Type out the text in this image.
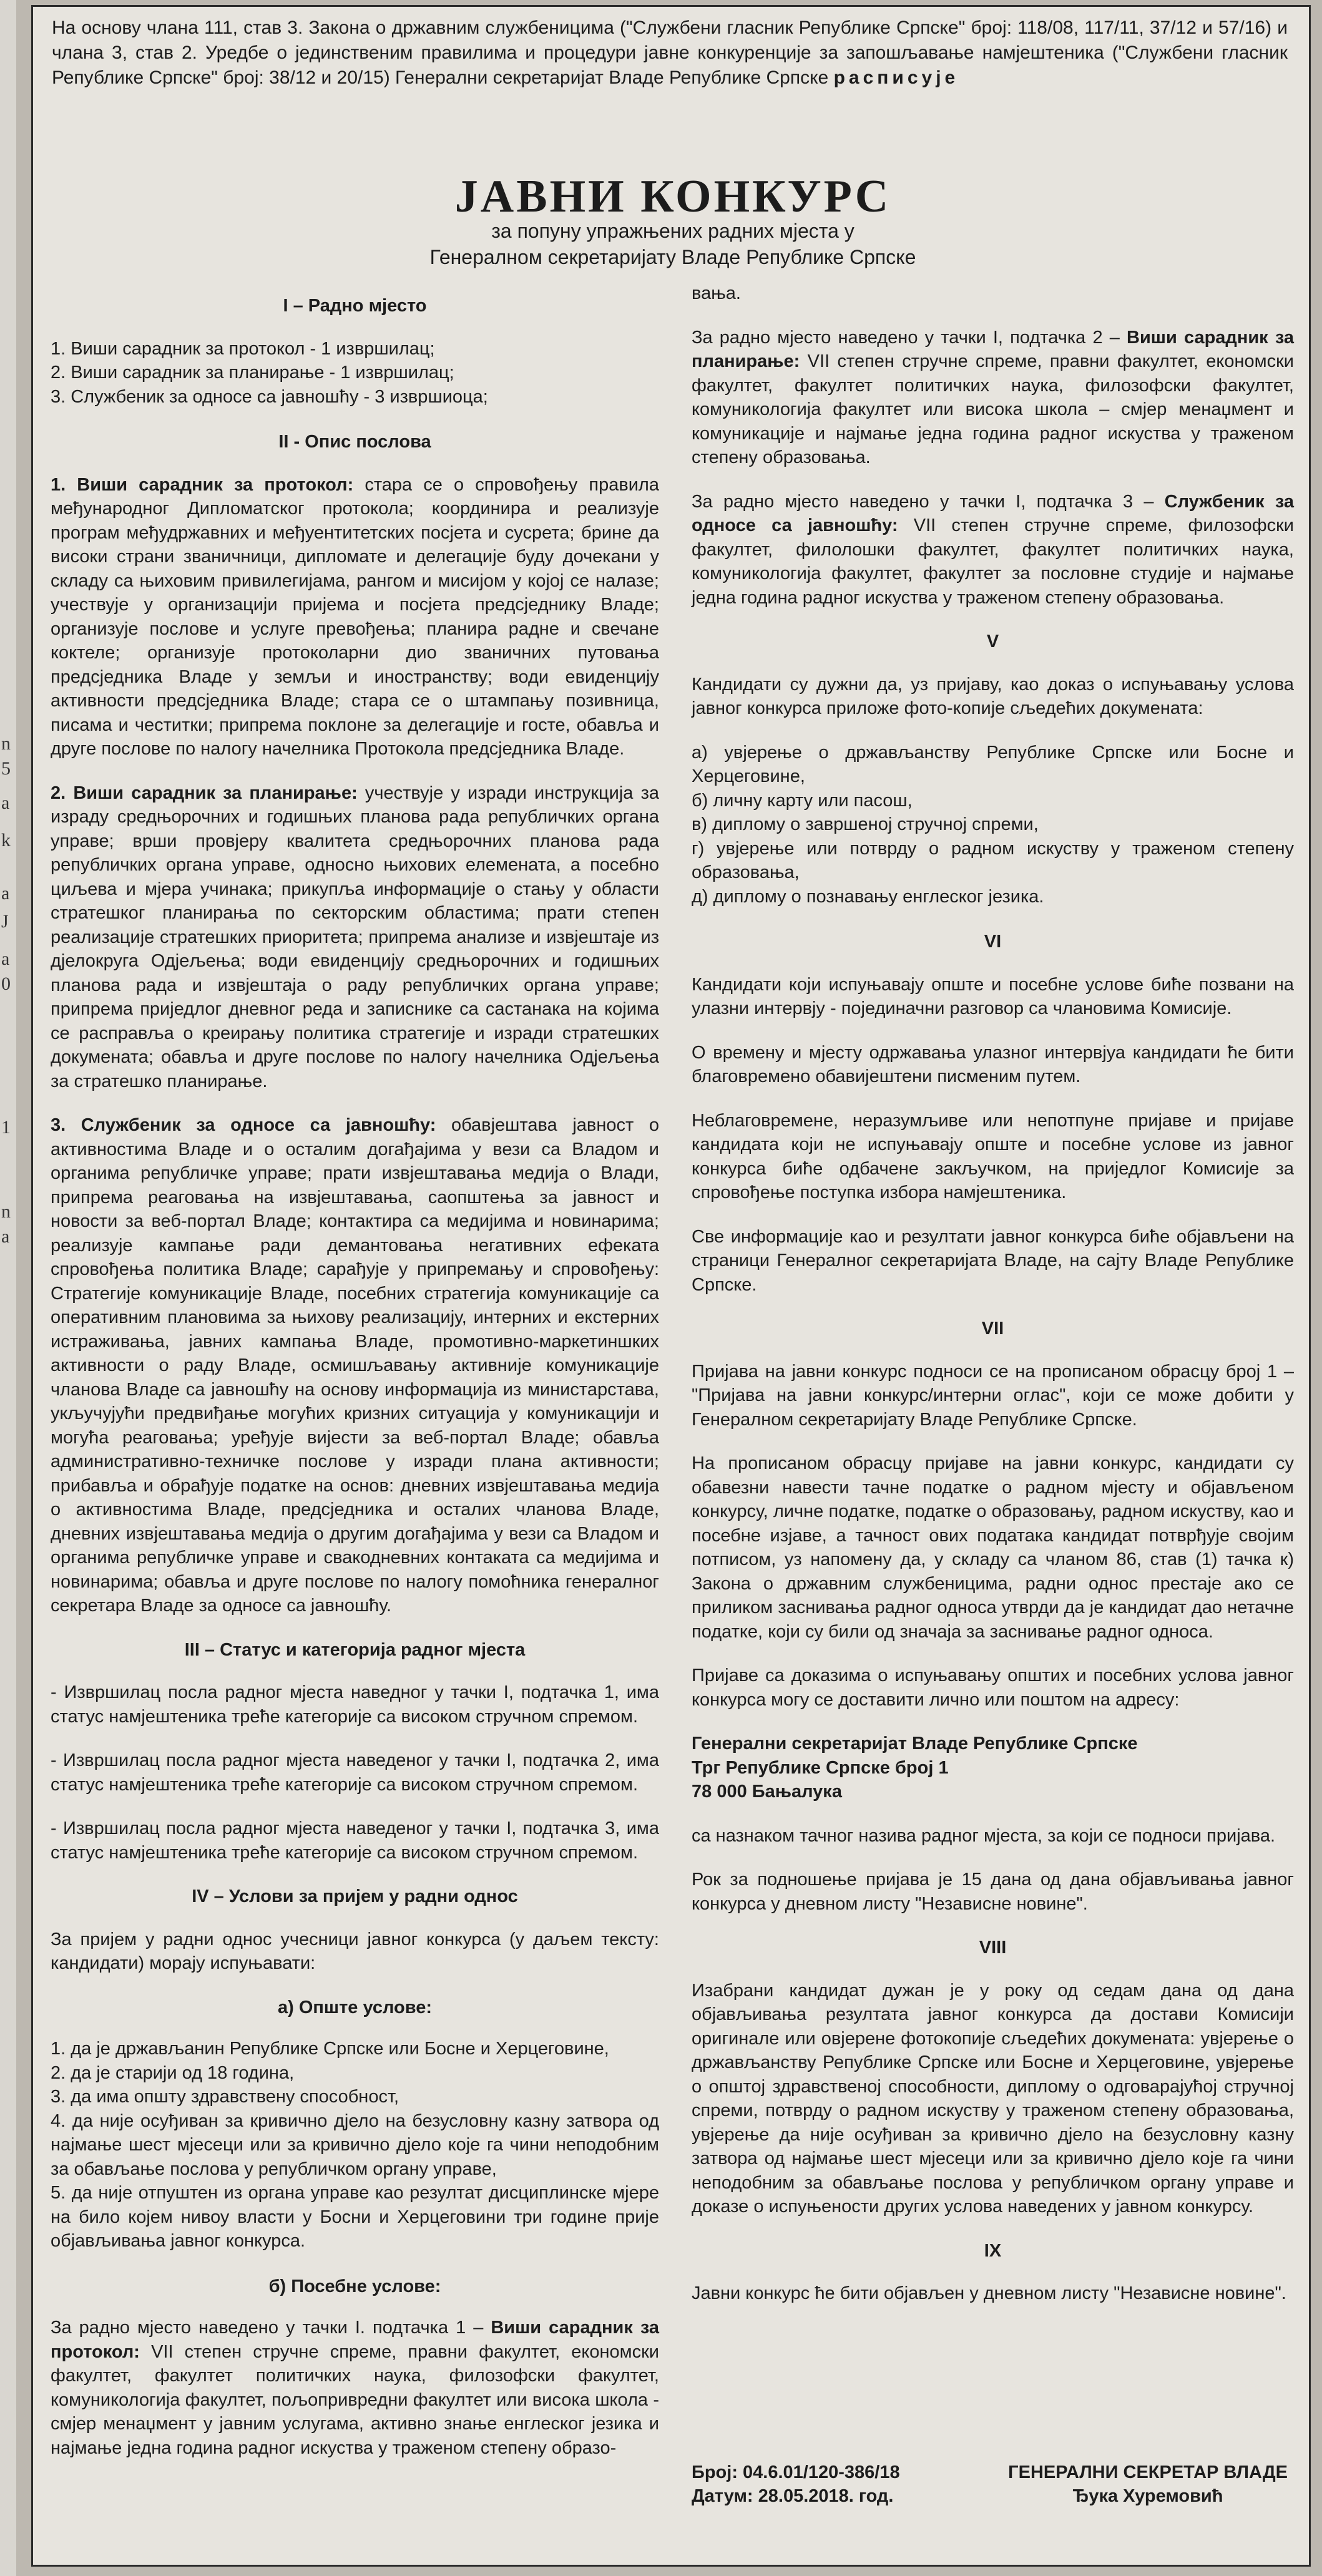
n
5
a
k
a
J
a
0
1
n
a
На основу члана 111, став 3. Закона о државним службеницима ("Службени гласник Републике Српске" број: 118/08, 117/11, 37/12 и 57/16) и члана 3, став 2. Уредбе о јединственим правилима и процедури јавне конкуренције за запошљавање намјештеника ("Службени гласник Републике Српске" број: 38/12 и 20/15) Генерални секретаријат Владе Републике Српске расписује
ЈАВНИ КОНКУРС
за попуну упражњених радних мјеста у
Генералном секретаријату Владе Републике Српске
I – Радно мјесто
1. Виши сарадник за протокол - 1 извршилац;
2. Виши сарадник за планирање - 1 извршилац;
3. Службеник за односе са јавношћу - 3 извршиоца;
II - Опис послова

1. Виши сарадник за протокол: стара се о спровођењу правила међународног Дипломатског протокола; координира и реализује програм међудржавних и међуентитетских посјета и сусрета; брине да високи страни званичници, дипломате и делегације буду дочекани у складу са њиховим привилегијама, рангом и мисијом у којој се налазе; учествује у организацији пријема и посјета предсједнику Владе; организује послове и услуге превођења; планира радне и свечане коктеле; организује протоколарни дио званичних путовања предсједника Владе у земљи и иностранству; води евиденцију активности предсједника Владе; стара се о штампању позивница, писама и честитки; припрема поклоне за делегације и госте, обавља и друге послове по налогу начелника Протокола предсједника Владе.

2. Виши сарадник за планирање: учествује у изради инструкција за израду средњорочних и годишњих планова рада републичких органа управе; врши провјеру квалитета средњорочних планова рада републичких органа управе, односно њихових елемената, а посебно циљева и мјера учинака; прикупља информације о стању у области стратешког планирања по секторским областима; прати степен реализације стратешких приоритета; припрема анализе и извјештаје из дјелокруга Одјељења; води евиденцију средњорочних и годишњих планова рада и извјештаја о раду републичких органа управе; припрема приједлог дневног реда и записнике са састанака на којима се расправља о креирању политика стратегије и изради стратешких докумената; обавља и друге послове по налогу начелника Одјељења за стратешко планирање.

3. Службеник за односе са јавношћу: обавјештава јавност о активностима Владе и о осталим догађајима у вези са Владом и органима републичке управе; прати извјештавања медија о Влади, припрема реаговања на извјештавања, саопштења за јавност и новости за веб-портал Владе; контактира са медијима и новинарима; реализује кампање ради демантовања негативних ефеката спровођења политика Владе; сарађује у припремању и спровођењу: Стратегије комуникације Владе, посебних стратегија комуникације са оперативним плановима за њихову реализацију, интерних и екстерних истраживања, јавних кампања Владе, промотивно-маркетиншких активности о раду Владе, осмишљавању активније комуникације чланова Владе са јавношћу на основу информација из министарстава, укључујући предвиђање могућих кризних ситуација у комуникацији и могућа реаговања; уређује вијести за веб-портал Владе; обавља административно-техничке послове у изради плана активности; прибавља и обрађује податке на основ: дневних извјештавања медија о активностима Владе, предсједника и осталих чланова Владе, дневних извјештавања медија о другим догађајима у вези са Владом и органима републичке управе и свакодневних контаката са медијима и новинарима; обавља и друге послове по налогу помоћника генералног секретара Владе за односе са јавношћу.

III – Статус и категорија радног мјеста

- Извршилац посла радног мјеста наведног у тачки I, подтачка 1, има статус намјештеника треће категорије са високом стручном спремом.

- Извршилац посла радног мјеста наведеног у тачки I, подтачка 2, има статус намјештеника треће категорије са високом стручном спремом.

- Извршилац посла радног мјеста наведеног у тачки I, подтачка 3, има статус намјештеника треће категорије са високом стручном спремом.

IV – Услови за пријем у радни однос

За пријем у радни однос учесници јавног конкурса (у даљем тексту: кандидати) морају испуњавати:

а) Опште услове:
1. да је држављанин Републике Српске или Босне и Херцеговине,
2. да је старији од 18 година,
3. да има општу здравствену способност,
4. да није осуђиван за кривично дјело на безусловну казну затвора од најмање шест мјесеци или за кривично дјело које га чини неподобним за обављање послова у републичком органу управе,
5. да није отпуштен из органа управе као резултат дисциплинске мјере на било којем нивоу власти у Босни и Херцеговини три године прије објављивања јавног конкурса.
б) Посебне услове:

За радно мјесто наведено у тачки I. подтачка 1 – Виши сарадник за протокол: VII степен стручне спреме, правни факултет, економски факултет, факултет политичких наука, филозофски факултет, комуникологија факултет, пољопривредни факултет или висока школа - смјер менаџмент у јавним услугама, активно знање енглеског језика и најмање једна година радног искуства у траженом степену образо-

вања.

За радно мјесто наведено у тачки I, подтачка 2 – Виши сарадник за планирање: VII степен стручне спреме, правни факултет, економски факултет, факултет политичких наука, филозофски факултет, комуникологија факултет или висока школа – смјер менаџмент и комуникације и најмање једна година радног искуства у траженом степену образовања.

За радно мјесто наведено у тачки I, подтачка 3 – Службеник за односе са јавношћу: VII степен стручне спреме, филозофски факултет, филолошки факултет, факултет политичких наука, комуникологија факултет, факултет за пословне студије и најмање једна година радног искуства у траженом степену образовања.

V

Кандидати су дужни да, уз пријаву, као доказ о испуњавању услова јавног конкурса приложе фото-копије сљедећих докумената:

а) увјерење о држављанству Републике Српске или Босне и Херцеговине,
б) личну карту или пасош,
в) диплому о завршеној стручној спреми,
г) увјерење или потврду о радном искуству у траженом степену образовања,
д) диплому о познавању енглеског језика.
VI

Кандидати који испуњавају опште и посебне услове биће позвани на улазни интервју - појединачни разговор са члановима Комисије.

О времену и мјесту одржавања улазног интервјуа кандидати ће бити благовремено обавијештени писменим путем.

Неблаговремене, неразумљиве или непотпуне пријаве и пријаве кандидата који не испуњавају опште и посебне услове из јавног конкурса биће одбачене закључком, на приједлог Комисије за спровођење поступка избора намјештеника.

Све информације као и резултати јавног конкурса биће објављени на страници Генералног секретаријата Владе, на сајту Владе Републике Српске.

VII

Пријава на јавни конкурс подноси се на прописаном обрасцу број 1 – "Пријава на јавни конкурс/интерни оглас", који се може добити у Генералном секретаријату Владе Републике Српске.

На прописаном обрасцу пријаве на јавни конкурс, кандидати су обавезни навести тачне податке о радном мјесту и објављеном конкурсу, личне податке, податке о образовању, радном искуству, као и посебне изјаве, а тачност ових података кандидат потврђује својим потписом, уз напомену да, у складу са чланом 86, став (1) тачка к) Закона о државним службеницима, радни однос престаје ако се приликом заснивања радног односа утврди да је кандидат дао нетачне податке, који су били од значаја за заснивање радног односа.

Пријаве са доказима о испуњавању општих и посебних услова јавног конкурса могу се доставити лично или поштом на адресу:

Генерални секретаријат Владе Републике Српске

Трг Републике Српске број 1

78 000 Бањалука

са назнаком тачног назива радног мјеста, за који се подноси пријава.

Рок за подношење пријава је 15 дана од дана објављивања јавног конкурса у дневном листу "Независне новине".

VIII

Изабрани кандидат дужан је у року од седам дана од дана објављивања резултата јавног конкурса да достави Комисији оригинале или овјерене фотокопије сљедећих докумената: увјерење о држављанству Републике Српске или Босне и Херцеговине, увјерење о општој здравственој способности, диплому о одговарајућој стручној спреми, потврду о радном искуству у траженом степену образовања, увјерење да није осуђиван за кривично дјело на безусловну казну затвора од најмање шест мјесеци или за кривично дјело које га чини неподобним за обављање послова у републичком органу управе и доказе о испуњености других услова наведених у јавном конкурсу.

IX

Јавни конкурс ће бити објављен у дневном листу "Независне новине".

Број: 04.6.01/120-386/18
Датум: 28.05.2018. год.
ГЕНЕРАЛНИ СЕКРЕТАР ВЛАДЕ
Ђука Хуремовић
